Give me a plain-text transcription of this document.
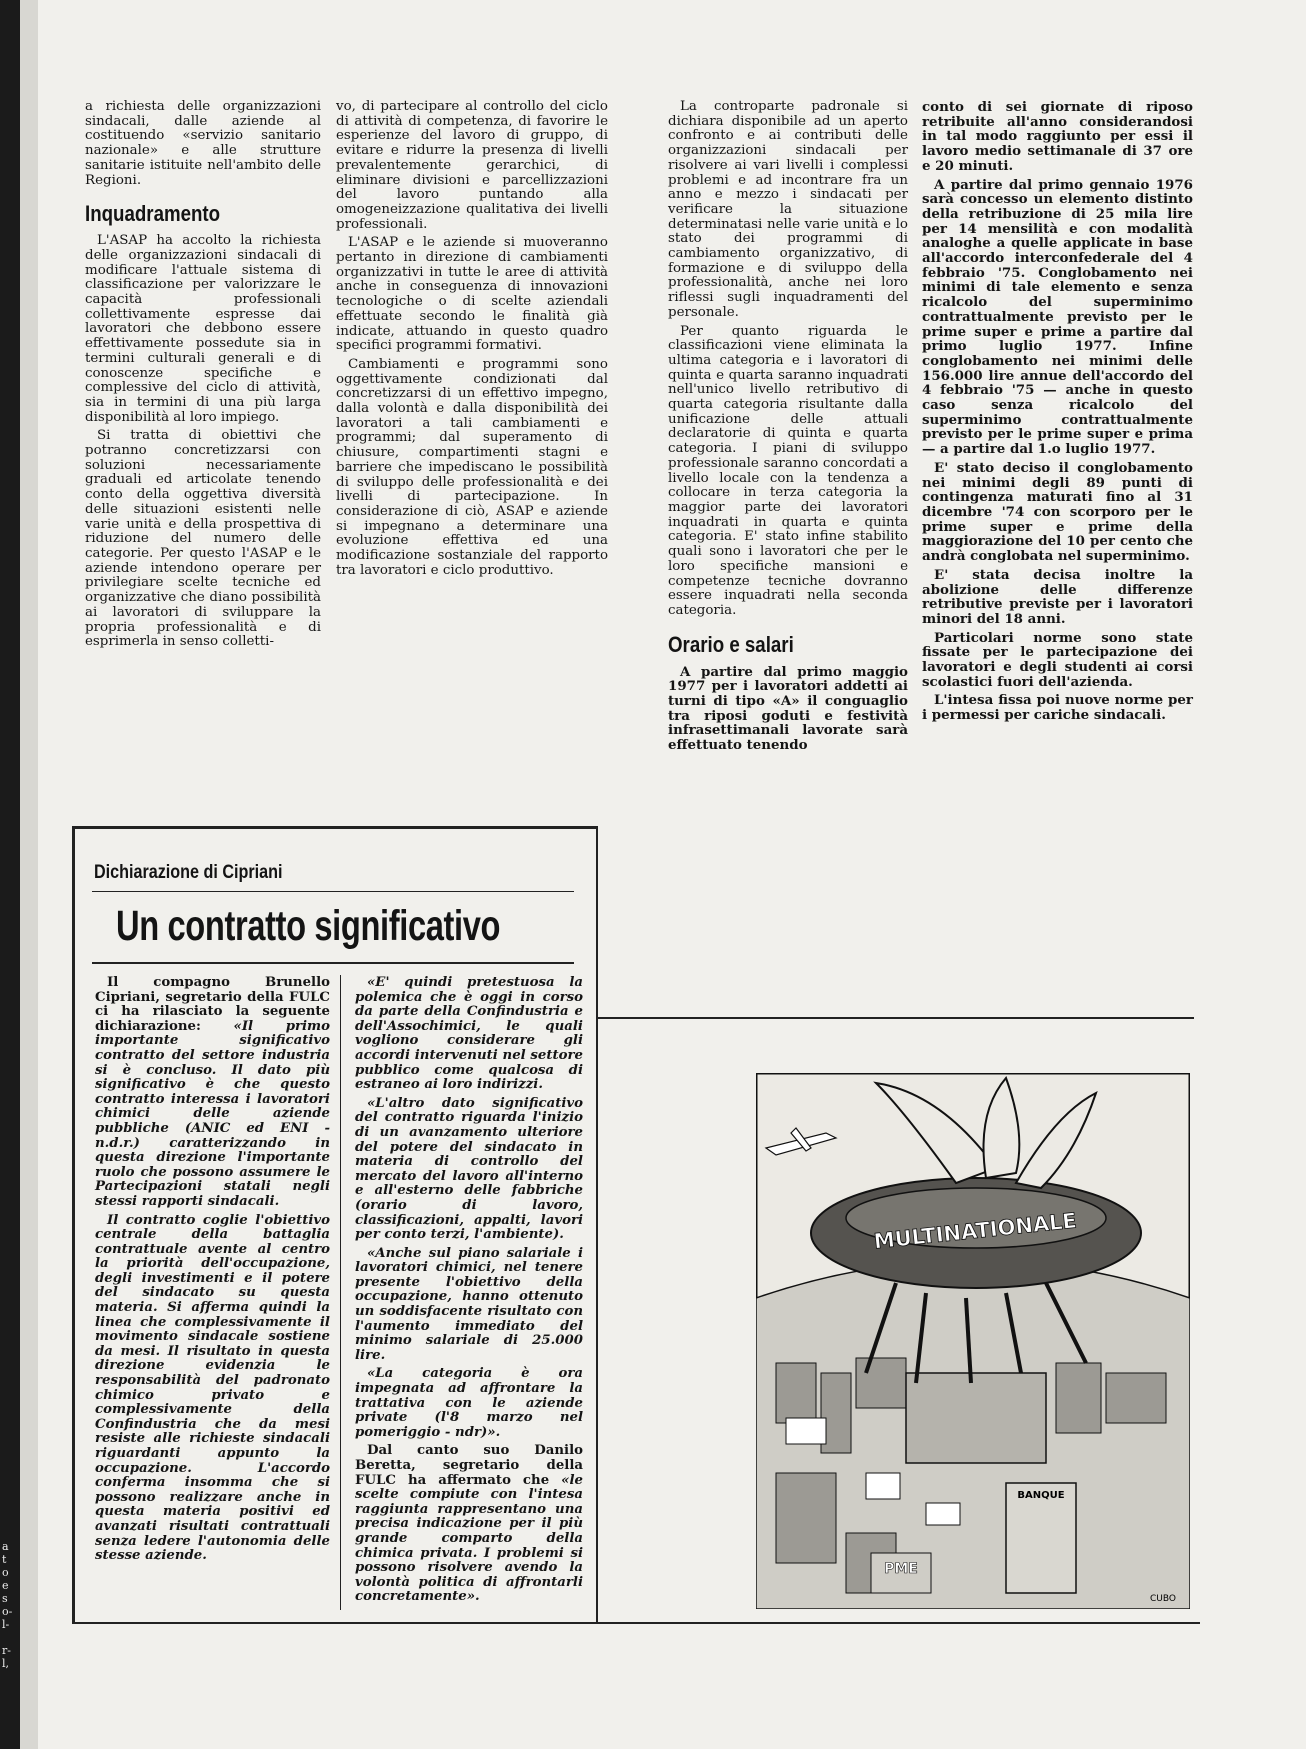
a
t
o
e
s
o-
l-

r-
l,

a richiesta delle organizzazioni sindacali, dalle aziende al costituendo «servizio sanitario nazionale» e alle strutture sanitarie istituite nell'ambito delle Regioni.

Inquadramento

L'ASAP ha accolto la richiesta delle organizzazioni sindacali di modificare l'attuale sistema di classificazione per valorizzare le capacità professionali collettivamente espresse dai lavoratori che debbono essere effettivamente possedute sia in termini culturali generali e di conoscenze specifiche e complessive del ciclo di attività, sia in termini di una più larga disponibilità al loro impiego.

Si tratta di obiettivi che potranno concretizzarsi con soluzioni necessariamente graduali ed articolate tenendo conto della oggettiva diversità delle situazioni esistenti nelle varie unità e della prospettiva di riduzione del numero delle categorie. Per questo l'ASAP e le aziende intendono operare per privilegiare scelte tecniche ed organizzative che diano possibilità ai lavoratori di sviluppare la propria professionalità e di esprimerla in senso colletti-

vo, di partecipare al controllo del ciclo di attività di competenza, di favorire le esperienze del lavoro di gruppo, di evitare e ridurre la presenza di livelli prevalentemente gerarchici, di eliminare divisioni e parcellizzazioni del lavoro puntando alla omogeneizzazione qualitativa dei livelli professionali.

L'ASAP e le aziende si muoveranno pertanto in direzione di cambiamenti organizzativi in tutte le aree di attività anche in conseguenza di innovazioni tecnologiche o di scelte aziendali effettuate secondo le finalità già indicate, attuando in questo quadro specifici programmi formativi.

Cambiamenti e programmi sono oggettivamente condizionati dal concretizzarsi di un effettivo impegno, dalla volontà e dalla disponibilità dei lavoratori a tali cambiamenti e programmi; dal superamento di chiusure, compartimenti stagni e barriere che impediscano le possibilità di sviluppo delle professionalità e dei livelli di partecipazione. In considerazione di ciò, ASAP e aziende si impegnano a determinare una evoluzione effettiva ed una modificazione sostanziale del rapporto tra lavoratori e ciclo produttivo.

La controparte padronale si dichiara disponibile ad un aperto confronto e ai contributi delle organizzazioni sindacali per risolvere ai vari livelli i complessi problemi e ad incontrare fra un anno e mezzo i sindacati per verificare la situazione determinatasi nelle varie unità e lo stato dei programmi di cambiamento organizzativo, di formazione e di sviluppo della professionalità, anche nei loro riflessi sugli inquadramenti del personale.

Per quanto riguarda le classificazioni viene eliminata la ultima categoria e i lavoratori di quinta e quarta saranno inquadrati nell'unico livello retributivo di quarta categoria risultante dalla unificazione delle attuali declaratorie di quinta e quarta categoria. I piani di sviluppo professionale saranno concordati a livello locale con la tendenza a collocare in terza categoria la maggior parte dei lavoratori inquadrati in quarta e quinta categoria. E' stato infine stabilito quali sono i lavoratori che per le loro specifiche mansioni e competenze tecniche dovranno essere inquadrati nella seconda categoria.

Orario e salari

A partire dal primo maggio 1977 per i lavoratori addetti ai turni di tipo «A» il conguaglio tra riposi goduti e festività infrasettimanali lavorate sarà effettuato tenendo

conto di sei giornate di riposo retribuite all'anno considerandosi in tal modo raggiunto per essi il lavoro medio settimanale di 37 ore e 20 minuti.

A partire dal primo gennaio 1976 sarà concesso un elemento distinto della retribuzione di 25 mila lire per 14 mensilità e con modalità analoghe a quelle applicate in base all'accordo interconfederale del 4 febbraio '75. Conglobamento nei minimi di tale elemento e senza ricalcolo del superminimo contrattualmente previsto per le prime super e prime a partire dal primo luglio 1977. Infine conglobamento nei minimi delle 156.000 lire annue dell'accordo del 4 febbraio '75 — anche in questo caso senza ricalcolo del superminimo contrattualmente previsto per le prime super e prima — a partire dal 1.o luglio 1977.

E' stato deciso il conglobamento nei minimi degli 89 punti di contingenza maturati fino al 31 dicembre '74 con scorporo per le prime super e prime della maggiorazione del 10 per cento che andrà conglobata nel superminimo.

E' stata decisa inoltre la abolizione delle differenze retributive previste per i lavoratori minori del 18 anni.

Particolari norme sono state fissate per le partecipazione dei lavoratori e degli studenti ai corsi scolastici fuori dell'azienda.

L'intesa fissa poi nuove norme per i permessi per cariche sindacali.

Dichiarazione di Cipriani
Un contratto significativo

Il compagno Brunello Cipriani, segretario della FULC ci ha rilasciato la seguente dichiarazione: «Il primo importante significativo contratto del settore industria si è concluso. Il dato più significativo è che questo contratto interessa i lavoratori chimici delle aziende pubbliche (ANIC ed ENI - n.d.r.) caratterizzando in questa direzione l'importante ruolo che possono assumere le Partecipazioni statali negli stessi rapporti sindacali.

Il contratto coglie l'obiettivo centrale della battaglia contrattuale avente al centro la priorità dell'occupazione, degli investimenti e il potere del sindacato su questa materia. Si afferma quindi la linea che complessivamente il movimento sindacale sostiene da mesi. Il risultato in questa direzione evidenzia le responsabilità del padronato chimico privato e complessivamente della Confindustria che da mesi resiste alle richieste sindacali riguardanti appunto la occupazione. L'accordo conferma insomma che si possono realizzare anche in questa materia positivi ed avanzati risultati contrattuali senza ledere l'autonomia delle stesse aziende.

«E' quindi pretestuosa la polemica che è oggi in corso da parte della Confindustria e dell'Assochimici, le quali vogliono considerare gli accordi intervenuti nel settore pubblico come qualcosa di estraneo ai loro indirizzi.

«L'altro dato significativo del contratto riguarda l'inizio di un avanzamento ulteriore del potere del sindacato in materia di controllo del mercato del lavoro all'interno e all'esterno delle fabbriche (orario di lavoro, classificazioni, appalti, lavori per conto terzi, l'ambiente).

«Anche sul piano salariale i lavoratori chimici, nel tenere presente l'obiettivo della occupazione, hanno ottenuto un soddisfacente risultato con l'aumento immediato del minimo salariale di 25.000 lire.

«La categoria è ora impegnata ad affrontare la trattativa con le aziende private (l'8 marzo nel pomeriggio - ndr)».

Dal canto suo Danilo Beretta, segretario della FULC ha affermato che «le scelte compiute con l'intesa raggiunta rappresentano una precisa indicazione per il più grande comparto della chimica privata. I problemi si possono risolvere avendo la volontà politica di affrontarli concretamente».

BANQUE
PME
MULTINATIONALE
CUBO
